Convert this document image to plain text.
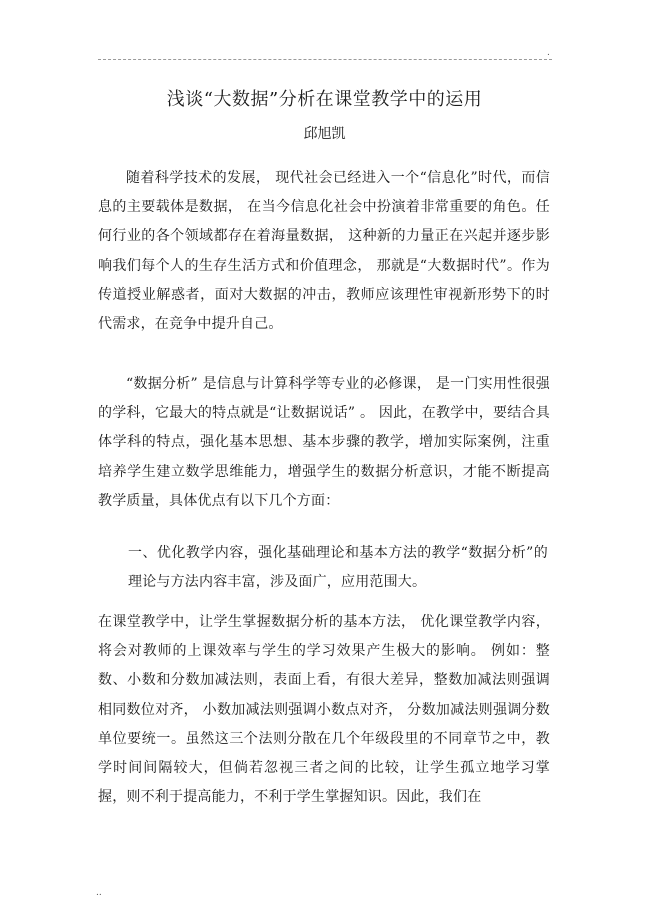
.
浅谈“大数据”分析在课堂教学中的运用
邱旭凯
随着科学技术的发展， 现代社会已经进入一个“信息化”时代，而信息的主要载体是数据， 在当今信息化社会中扮演着非常重要的角色。任何行业的各个领域都存在着海量数据， 这种新的力量正在兴起并逐步影响我们每个人的生存生活方式和价值理念， 那就是“大数据时代”。作为传道授业解惑者，面对大数据的冲击，教师应该理性审视新形势下的时代需求，在竞争中提升自己。
“数据分析” 是信息与计算科学等专业的必修课， 是一门实用性很强的学科，它最大的特点就是“让数据说话” 。 因此，在教学中，要结合具体学科的特点，强化基本思想、基本步骤的教学，增加实际案例，注重培养学生建立数学思维能力，增强学生的数据分析意识，才能不断提高教学质量，具体优点有以下几个方面：
一、优化教学内容，强化基础理论和基本方法的教学“数据分析”的理论与方法内容丰富，涉及面广，应用范围大。
在课堂教学中，让学生掌握数据分析的基本方法， 优化课堂教学内容，将会对教师的上课效率与学生的学习效果产生极大的影响。 例如：整数、小数和分数加减法则，表面上看，有很大差异，整数加减法则强调相同数位对齐， 小数加减法则强调小数点对齐， 分数加减法则强调分数单位要统一。虽然这三个法则分散在几个年级段里的不同章节之中，教学时间间隔较大，但倘若忽视三者之间的比较，让学生孤立地学习掌握，则不利于提高能力，不利于学生掌握知识。因此，我们在
..
